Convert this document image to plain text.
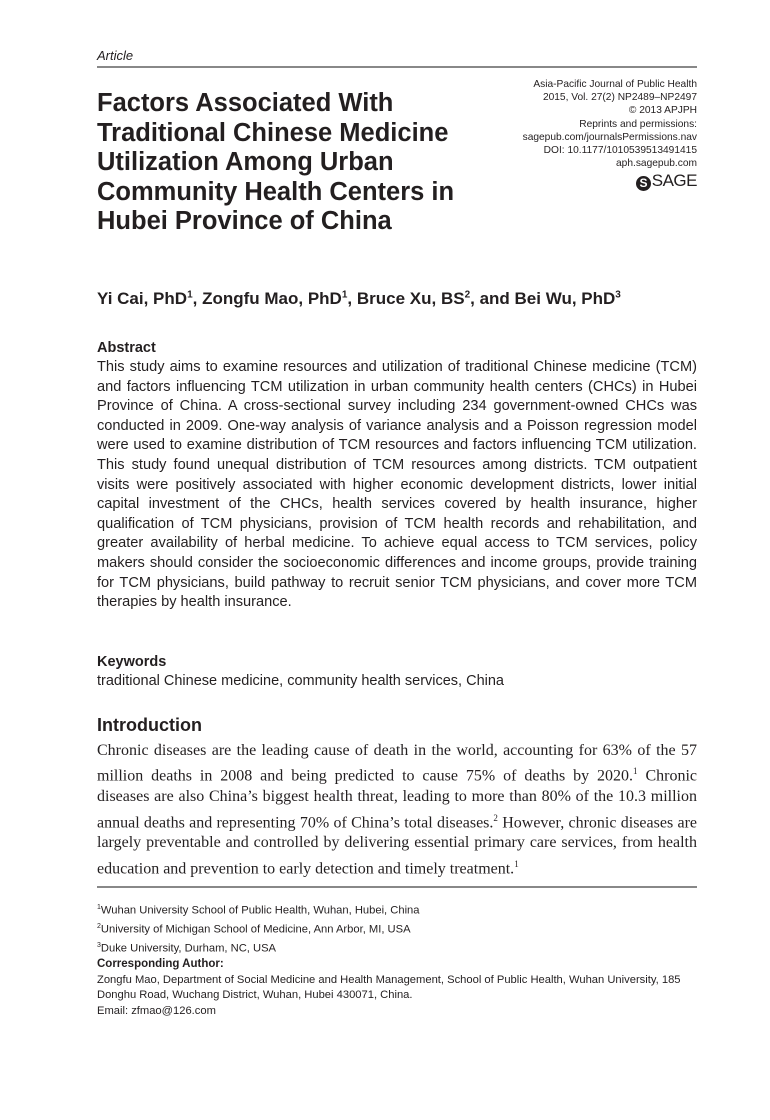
Article
Asia-Pacific Journal of Public Health
2015, Vol. 27(2) NP2489–NP2497
© 2013 APJPH
Reprints and permissions:
sagepub.com/journalsPermissions.nav
DOI: 10.1177/1010539513491415
aph.sagepub.com
S SAGE
Factors Associated With Traditional Chinese Medicine Utilization Among Urban Community Health Centers in Hubei Province of China
Yi Cai, PhD$^1$, Zongfu Mao, PhD$^1$, Bruce Xu, $BS^2$, and Bei Wu, PhD$^3$
Abstract
This study aims to examine resources and utilization of traditional Chinese medicine (TCM) and factors influencing TCM utilization in urban community health centers (CHCs) in Hubei Province of China. A cross-sectional survey including 234 government-owned CHCs was conducted in 2009. One-way analysis of variance analysis and a Poisson regression model were used to examine distribution of TCM resources and factors influencing TCM utilization. This study found unequal distribution of TCM resources among districts. TCM outpatient visits were positively associated with higher economic development districts, lower initial capital investment of the CHCs, health services covered by health insurance, higher qualification of TCM physicians, provision of TCM health records and rehabilitation, and greater availability of herbal medicine. To achieve equal access to TCM services, policy makers should consider the socioeconomic differences and income groups, provide training for TCM physicians, build pathway to recruit senior TCM physicians, and cover more TCM therapies by health insurance.
Keywords
traditional Chinese medicine, community health services, China
Introduction
Chronic diseases are the leading cause of death in the world, accounting for 63% of the 57 million deaths in 2008 and being predicted to cause 75% of deaths by 2020.$^1$ Chronic diseases are also China’s biggest health threat, leading to more than 80% of the 10.3 million annual deaths and representing 70% of China’s total diseases.$^2$ However, chronic diseases are largely preventable and controlled by delivering essential primary care services, from health education and prevention to early detection and timely treatment.$^1$
$^1$Wuhan University School of Public Health, Wuhan, Hubei, China
$^2$University of Michigan School of Medicine, Ann Arbor, MI, USA
$^3$Duke University, Durham, NC, USA
Corresponding Author:
Zongfu Mao, Department of Social Medicine and Health Management, School of Public Health, Wuhan University, 185 Donghu Road, Wuchang District, Wuhan, Hubei 430071, China.
Email: zfmao@126.com
